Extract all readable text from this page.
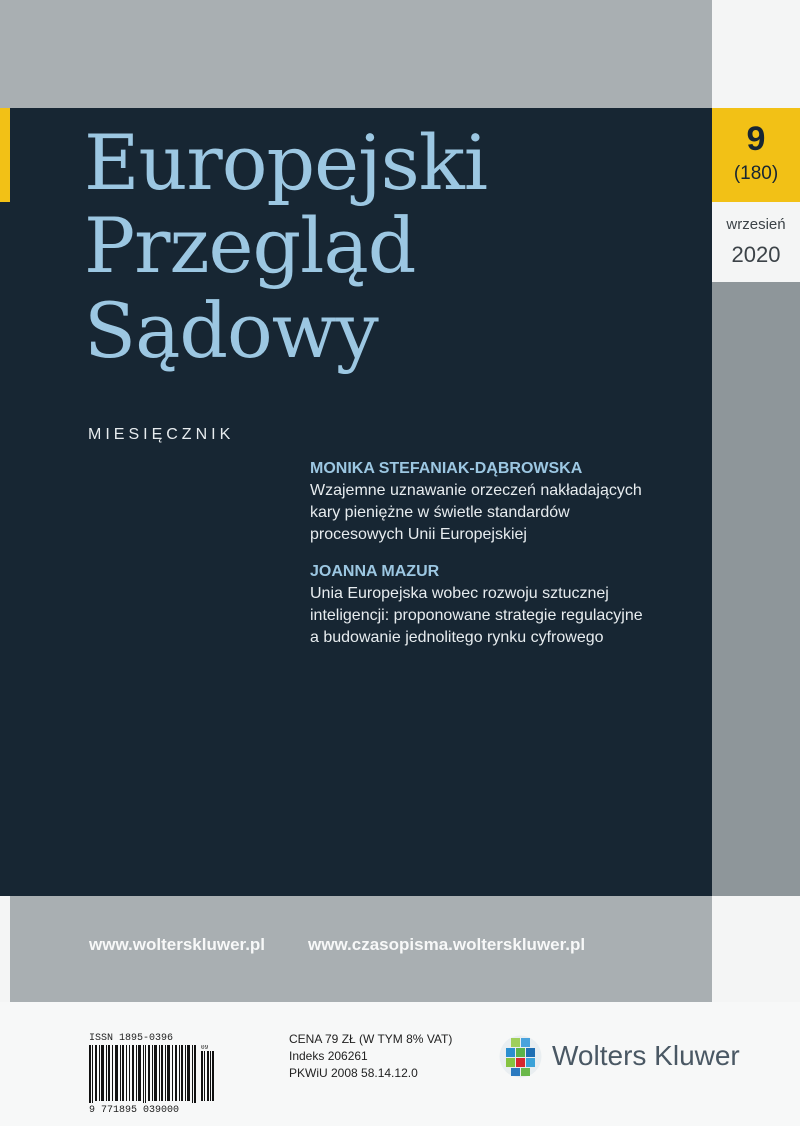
9
(180)
wrzesień
2020
Europejski
Przegląd
Sądowy
MIESIĘCZNIK
MONIKA STEFANIAK-DĄBROWSKA
Wzajemne uznawanie orzeczeń nakładających
kary pieniężne w świetle standardów
procesowych Unii Europejskiej
JOANNA MAZUR
Unia Europejska wobec rozwoju sztucznej
inteligencji: proponowane strategie regulacyjne
a budowanie jednolitego rynku cyfrowego
www.wolterskluwer.pl	www.czasopisma.wolterskluwer.pl
ISSN 1895-0396
09
9 771895 039000
CENA 79 ZŁ (W TYM 8% VAT)
Indeks 206261
PKWiU 2008 58.14.12.0
Wolters Kluwer
